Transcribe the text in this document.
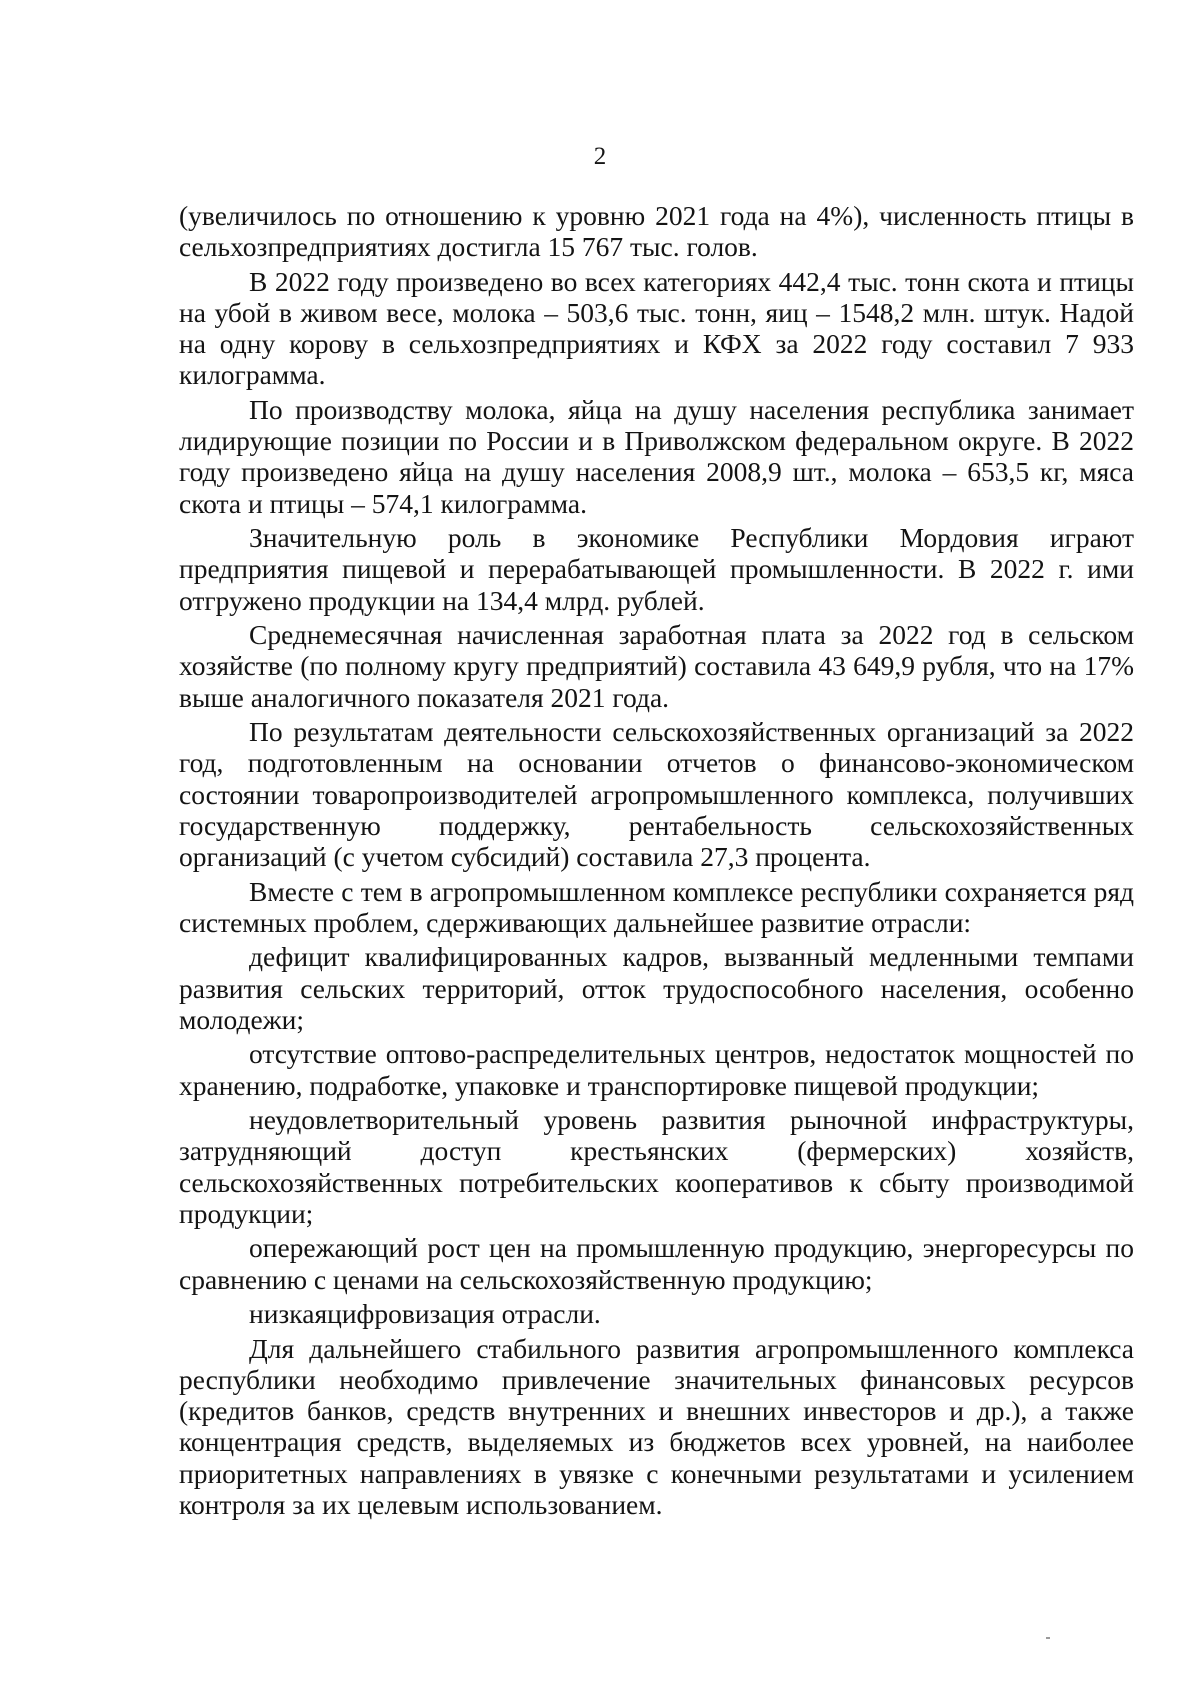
2

(увеличилось по отношению к уровню 2021 года на 4%), численность птицы в сельхозпредприятиях достигла 15 767 тыс. голов.

В 2022 году произведено во всех категориях 442,4 тыс. тонн скота и птицы на убой в живом весе, молока – 503,6 тыс. тонн, яиц – 1548,2 млн. штук. Надой на одну корову в сельхозпредприятиях и КФХ за 2022 году составил 7 933 килограмма.

По производству молока, яйца на душу населения республика занимает лидирующие позиции по России и в Приволжском федеральном округе. В 2022 году произведено яйца на душу населения 2008,9 шт., молока – 653,5 кг, мяса скота и птицы – 574,1 килограмма.

Значительную роль в экономике Республики Мордовия играют предприятия пищевой и перерабатывающей промышленности. В 2022 г. ими отгружено продукции на 134,4 млрд. рублей.

Среднемесячная начисленная заработная плата за 2022 год в сельском хозяйстве (по полному кругу предприятий) составила 43 649,9 рубля, что на 17% выше аналогичного показателя 2021 года.

По результатам деятельности сельскохозяйственных организаций за 2022 год, подготовленным на основании отчетов о финансово-экономическом состоянии товаропроизводителей агропромышленного комплекса, получивших государственную поддержку, рентабельность сельскохозяйственных организаций (с учетом субсидий) составила 27,3 процента.

Вместе с тем в агропромышленном комплексе республики сохраняется ряд системных проблем, сдерживающих дальнейшее развитие отрасли:

дефицит квалифицированных кадров, вызванный медленными темпами развития сельских территорий, отток трудоспособного населения, особенно молодежи;

отсутствие оптово-распределительных центров, недостаток мощностей по хранению, подработке, упаковке и транспортировке пищевой продукции;

неудовлетворительный уровень развития рыночной инфраструктуры, затрудняющий доступ крестьянских (фермерских) хозяйств, сельскохозяйственных потребительских кооперативов к сбыту производимой продукции;

опережающий рост цен на промышленную продукцию, энергоресурсы по сравнению с ценами на сельскохозяйственную продукцию;

низкаяцифровизация отрасли.

Для дальнейшего стабильного развития агропромышленного комплекса республики необходимо привлечение значительных финансовых ресурсов (кредитов банков, средств внутренних и внешних инвесторов и др.), а также концентрация средств, выделяемых из бюджетов всех уровней, на наиболее приоритетных направлениях в увязке с конечными результатами и усилением контроля за их целевым использованием.
